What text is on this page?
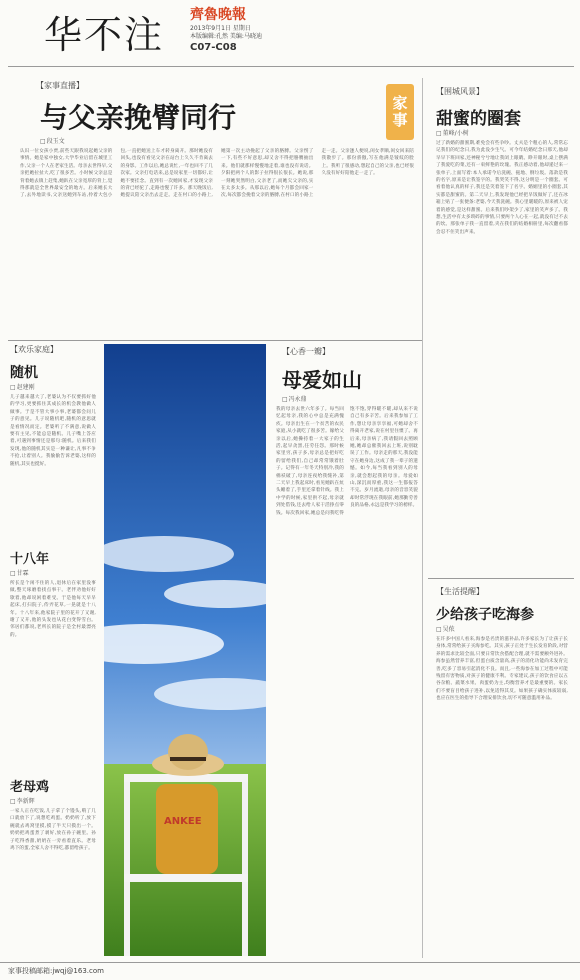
华不注 齊魯晚報
2013年9月1日 星期日
本版编辑:孔然 美编:马晓迪
C07-C08
【 家事直播 】
与父亲挽臂同行
□ 段玉文
家事
认识一位女孩小贾,前些天跟我说起她父亲的事情。她是家中独女,大学毕业后留在城里工作,父亲一个人在老家生活。母亲去世得早,父亲把她拉扯大,吃了很多苦。小时候父亲总是背着她去镇上赶集,她趴在父亲宽厚的背上,觉得那就是全世界最安全的地方。后来她长大了,去外地读书,父亲送她到车站,拎着大包小包,一直把她送上车才转身离开。那时她没有回头,也没有看见父亲在站台上久久不肯离去的身影。工作以后,她总说忙,一年也回不了几次家。父亲打电话来,总是说家里一切都好,让她不要挂念。直到有一次她回家,才发现父亲的背已经驼了,走路也慢了许多。那天晚饭后,她提议陪父亲出去走走。走在村口的小路上,她第一次主动挽起了父亲的胳膊。父亲愣了一下,有些不好意思,却又舍不得把胳膊抽出来。他们就那样慢慢地走着,谁也没有说话。夕阳把两个人的影子拉得很长很长。她说,那一刻她突然明白,父亲老了,而她欠父亲的,实在太多太多。从那以后,她每个月都会回家一次,每次都会挽着父亲的胳膊,在村口的小路上走一走。父亲逢人便说,闺女孝顺,闺女回来陪我散步了。那份骄傲,写在他满是皱纹的脸上。我听了很感动,想起自己的父亲,也已经很久没有好好陪他走一走了。
【 围城风景 】
甜蜜的圈套
□ 董峰/小树
过了新婚的甜蜜期,难免会有些争吵。丈夫是个粗心的人,常常忘记我们的纪念日,我为此没少生气。可今年结婚纪念日那天,他却早早下班回家,还神秘兮兮地让我闭上眼睛。睁开眼时,桌上摆满了我爱吃的菜,还有一束鲜艳的玫瑰。我正感动着,他却递过来一张单子,上面写着:本人承诺今后洗碗、拖地、倒垃圾。落款是我的名字,原来是让我签字的。我哭笑不得,这分明是一个圈套。可看着他认真的样子,我还是笑着签下了名字。婚姻里的小圈套,其实都是甜蜜的。第二天早上,我发现他已经把早饭做好了,还在冰箱上贴了一张便条:老婆,今天我洗碗。我心里暖暖的,原来被人宠着的感觉,是这样甜蜜。后来我们吵架少了,家里的笑声多了。我想,生活中有太多琐碎的事情,只要两个人心在一起,就没有过不去的坎。那张单子我一直留着,夹在我们的结婚相册里,每次翻看都会忍不住笑出声来。
【 生活提醒 】
少给孩子吃海参
□ 吴侬
在许多中国人看来,海参是名贵的滋补品,许多家长为了让孩子长身体,常常给孩子买海参吃。其实,孩子正处于生长发育阶段,对营养的需求比较全面,只要日常饮食搭配合理,就不需要额外进补。海参虽然营养丰富,但蛋白质含量高,孩子的消化功能尚未发育完善,吃多了容易引起消化不良。而且,一些海参在加工过程中可能残留有害物质,对孩子的健康不利。专家建议,孩子的饮食应以五谷杂粮、蔬菜水果、肉蛋奶为主,均衡营养才是最重要的。家长们不要盲目给孩子进补,以免适得其反。如果孩子确实体质较弱,也应在医生的指导下合理安排饮食,切不可随意滥用补品。
【 欢乐家庭 】
随机
□ 赵建刚
儿子越来越大了,老婆认为不仅要抓好他的学习,更要抓住其成长的机会教他做人做事。于是不管大事小事,老婆都会问儿子的意见。儿子说随机吧,随机的意思就是看情况而定。老婆听了不满意,说做人要有主见,不能总是随机。儿子嘴上答应着,可遇到事情还是那句:随机。后来我们发现,他的随机其实是一种谦让,凡事不争不抢,让着别人。我偷偷告诉老婆,这样的随机,其实也挺好。
十八年
□ 甘霖
所长是个闲不住的人,退休后在家里没事做,整天琢磨着找点事干。老伴劝他好好歇着,他却说闲着难受。于是他每天早早起床,打扫院子,侍弄花草,一晃就是十八年。十八年来,他家院子里的花开了又谢,谢了又开,他的头发也从花白变得雪白。邻居们都说,老所长的院子是全村最漂亮的。
老母鸡
□ 李新辉
一家人正在吃饭,儿子拿了个馒头,啃了几口就放下了,说想吃鸡蛋。奶奶听了,放下碗就去鸡窝里摸,摸了半天只摸出一个。奶奶把鸡蛋煮了剥好,放在孙子碗里。孙子吃得香甜,奶奶在一旁看着直乐。老母鸡下的蛋,全家人舍不得吃,都留给孩子。
ANKEE
【 心香一瓣 】
母爱如山
□ 冯永鼎
我的母亲去世六年多了。每当回忆起母亲,我的心中总是充满愧疚。母亲出生在一个贫苦的农民家庭,从小就吃了很多苦。嫁给父亲以后,她操持着一大家子的生活,起早贪黑,任劳任怨。那时候家里穷,孩子多,母亲总是把好吃的留给我们,自己却常常饿着肚子。记得有一年冬天特别冷,我的棉袄破了,母亲连夜给我缝补,第二天早上我起床时,看见她趴在炕头睡着了,手里还拿着针线。我上中学的时候,家里供不起,母亲就到处借钱,还去给人家干活挣点零钱。每次我回家,她总是问我吃得饱不饱,穿得暖不暖,却从来不说自己有多辛苦。后来我参加了工作,想让母亲享享福,可她却舍不得离开老家,说在村里住惯了。再后来,母亲病了,我请假回去照顾她,她却总催我回去上班,说别耽误了工作。母亲走的那天,我没能守在她身边,这成了我一辈子的遗憾。如今,每当我看到别人的母亲,就会想起我的母亲。母爱如山,深沉而厚重,我这一生都报答不完。岁月流逝,母亲的音容笑貌却时常浮现在我眼前,她那勤劳善良的品格,永远是我学习的榜样。
家事投稿邮箱:jwqj@163.com
